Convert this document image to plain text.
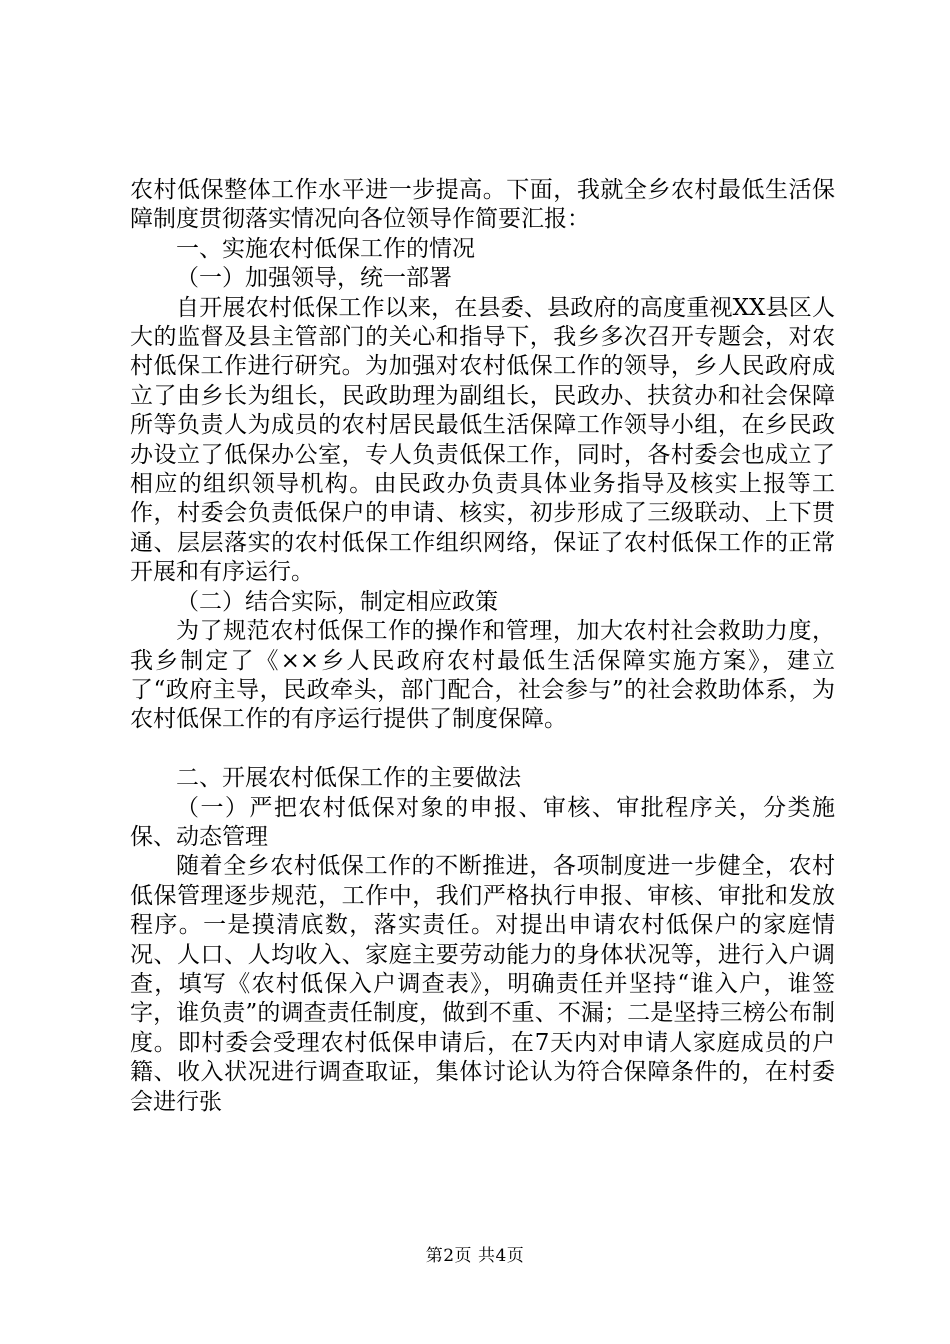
农村低保整体工作水平进一步提高。下面，我就全乡农村最低生活保障制度贯彻落实情况向各位领导作简要汇报：

一、实施农村低保工作的情况

（一）加强领导，统一部署

自开展农村低保工作以来，在县委、县政府的高度重视XX县区人大的监督及县主管部门的关心和指导下，我乡多次召开专题会，对农村低保工作进行研究。为加强对农村低保工作的领导，乡人民政府成立了由乡长为组长，民政助理为副组长，民政办、扶贫办和社会保障所等负责人为成员的农村居民最低生活保障工作领导小组，在乡民政办设立了低保办公室，专人负责低保工作，同时，各村委会也成立了相应的组织领导机构。由民政办负责具体业务指导及核实上报等工作，村委会负责低保户的申请、核实，初步形成了三级联动、上下贯通、层层落实的农村低保工作组织网络，保证了农村低保工作的正常开展和有序运行。

（二）结合实际，制定相应政策

为了规范农村低保工作的操作和管理，加大农村社会救助力度，我乡制定了《××乡人民政府农村最低生活保障实施方案》，建立了“政府主导，民政牵头，部门配合，社会参与”的社会救助体系，为农村低保工作的有序运行提供了制度保障。

二、开展农村低保工作的主要做法

（一）严把农村低保对象的申报、审核、审批程序关，分类施保、动态管理

随着全乡农村低保工作的不断推进，各项制度进一步健全，农村低保管理逐步规范，工作中，我们严格执行申报、审核、审批和发放程序。一是摸清底数，落实责任。对提出申请农村低保户的家庭情况、人口、人均收入、家庭主要劳动能力的身体状况等，进行入户调查，填写《农村低保入户调查表》，明确责任并坚持“谁入户，谁签字，谁负责”的调查责任制度，做到不重、不漏；二是坚持三榜公布制度。即村委会受理农村低保申请后，在7天内对申请人家庭成员的户籍、收入状况进行调查取证，集体讨论认为符合保障条件的，在村委会进行张

第2页 共4页
